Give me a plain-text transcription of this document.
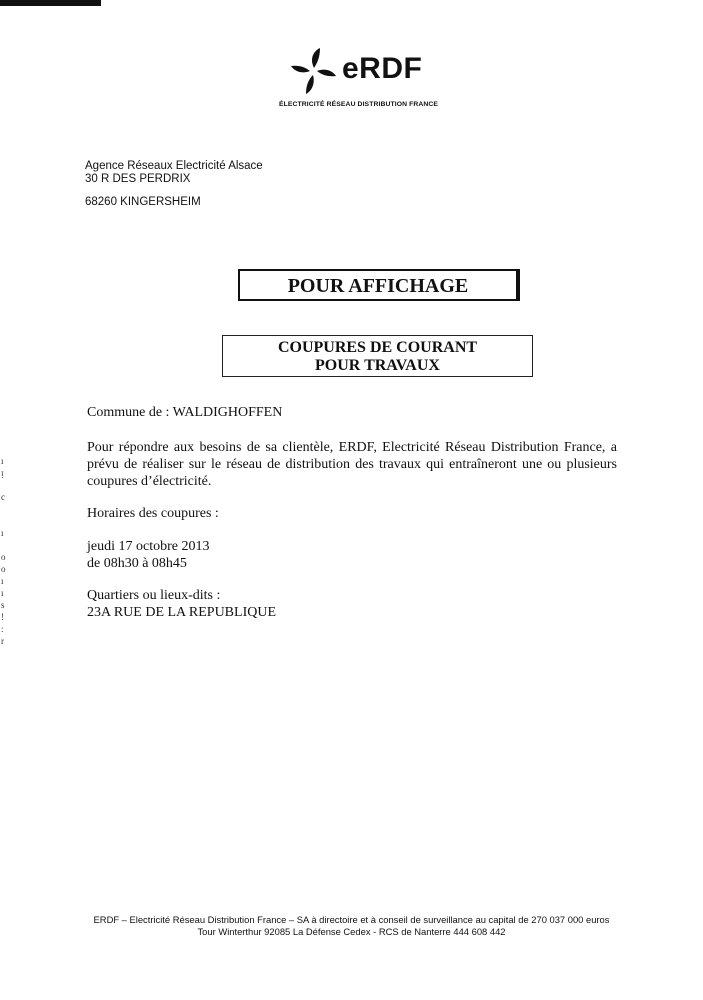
eRDF
ÉLECTRICITÉ RÉSEAU DISTRIBUTION FRANCE
Agence Réseaux Electricité Alsace
30 R DES PERDRIX
68260 KINGERSHEIM
POUR AFFICHAGE
COUPURES DE COURANT
POUR TRAVAUX
ı
ᴉ

c

ı

o
o
ı
ı
s
!
:
r

Commune de : WALDIGHOFFEN

Pour répondre aux besoins de sa clientèle, ERDF, Electricité Réseau Distribution France, a prévu de réaliser sur le réseau de distribution des travaux qui entraîneront une ou plusieurs coupures d’électricité.

Horaires des coupures :

jeudi 17 octobre 2013

de 08h30 à 08h45

Quartiers ou lieux-dits :

23A RUE DE LA REPUBLIQUE

ERDF – Electricité Réseau Distribution France – SA à directoire et à conseil de surveillance au capital de 270 037 000 euros
Tour Winterthur 92085 La Défense Cedex - RCS de Nanterre 444 608 442
